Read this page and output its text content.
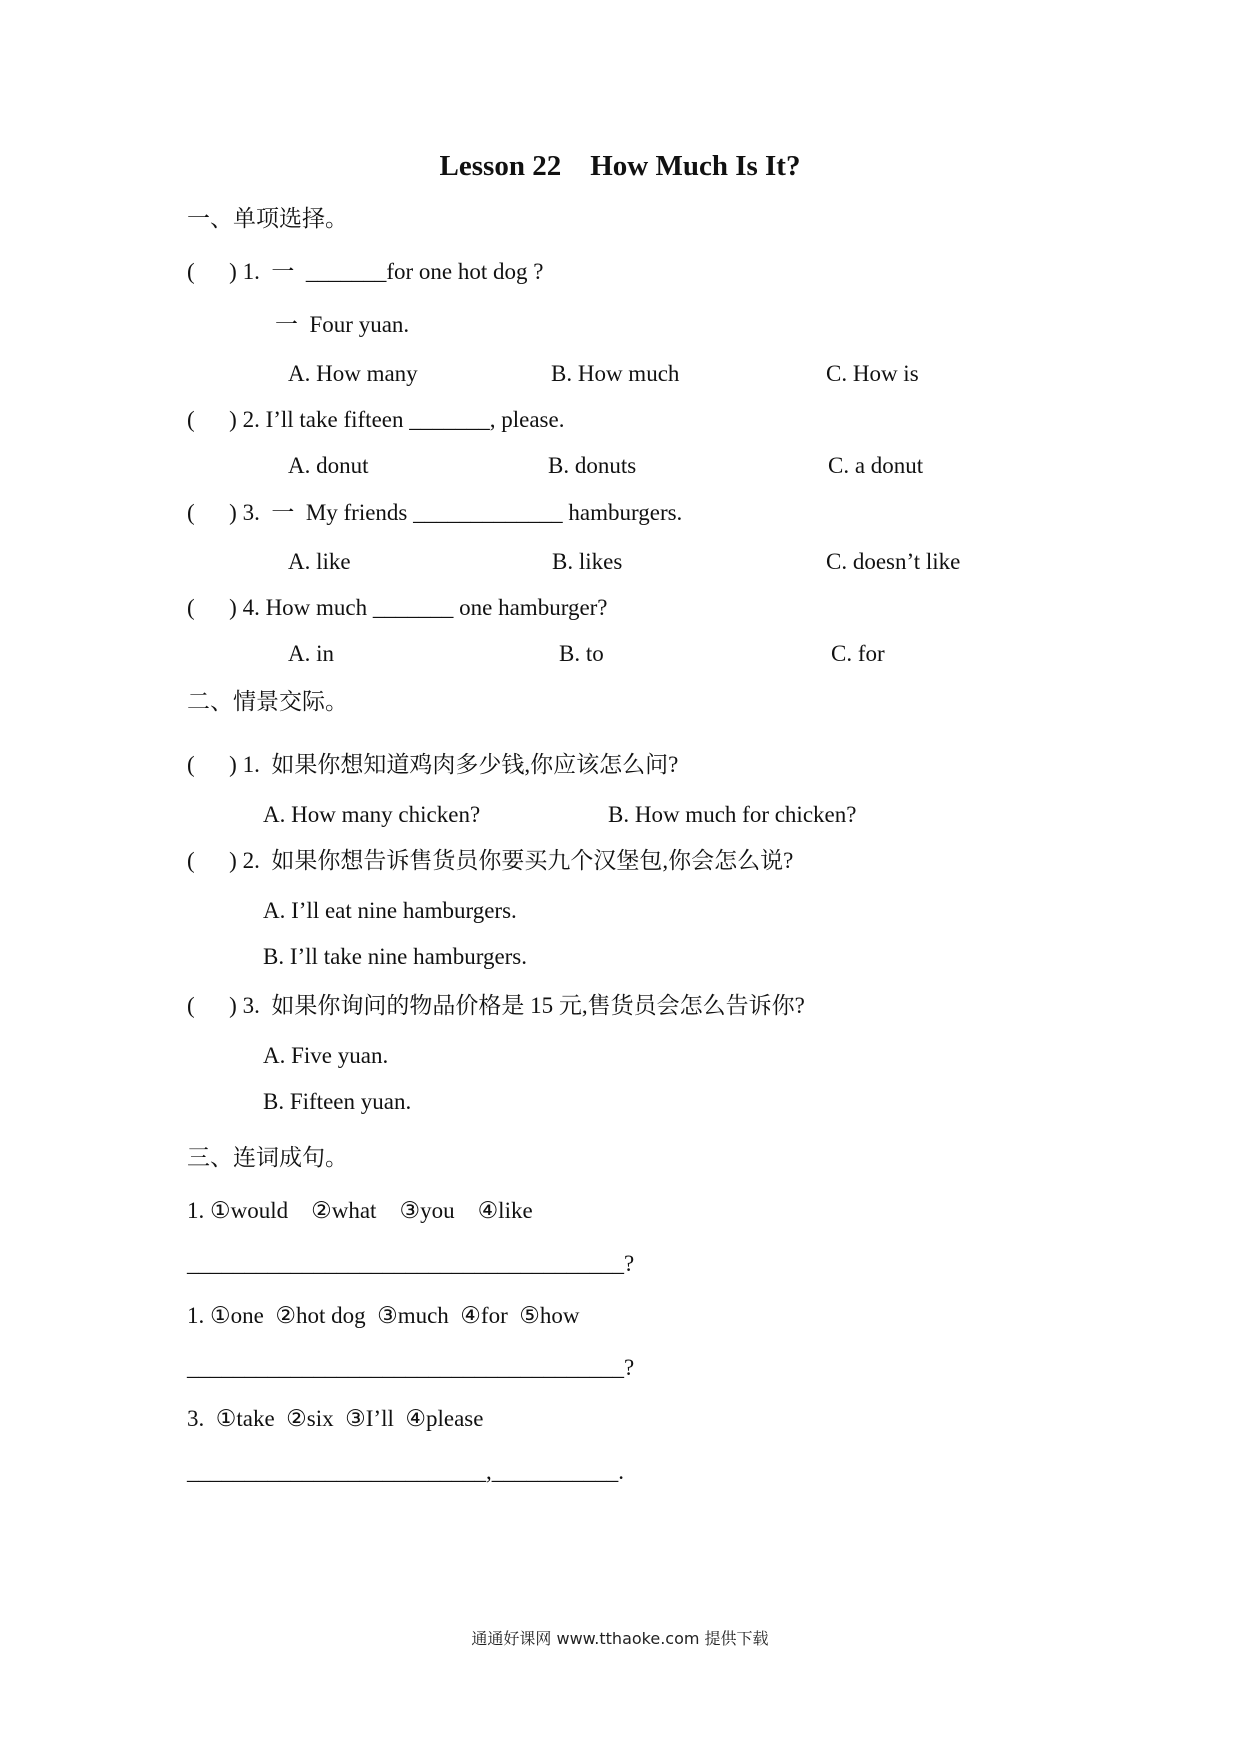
Lesson 22    How Much Is It?
一、单项选择。
(      ) 1.  一  _______for one hot dog ?
一  Four yuan.
A. How many	B. How much	C. How is
(      ) 2. I’ll take fifteen _______, please.
A. donut	B. donuts	C. a donut
(      ) 3.  一  My friends _____________ hamburgers.
A. like	B. likes	C. doesn’t like
(      ) 4. How much _______ one hamburger?
A. in	B. to	C. for
二、情景交际。
(      ) 1.  如果你想知道鸡肉多少钱,你应该怎么问?
A. How many chicken?	B. How much for chicken?
(      ) 2.  如果你想告诉售货员你要买九个汉堡包,你会怎么说?
A. I’ll eat nine hamburgers.
B. I’ll take nine hamburgers.
(      ) 3.  如果你询问的物品价格是 15 元,售货员会怎么告诉你?
A. Five yuan.
B. Fifteen yuan.
三、连词成句。
1. ①would    ②what    ③you    ④like
______________________________________?
1. ①one  ②hot dog  ③much  ④for  ⑤how
______________________________________?
3.  ①take  ②six  ③I’ll  ④please
__________________________,___________.
通通好课网 www.tthaoke.com 提供下载
